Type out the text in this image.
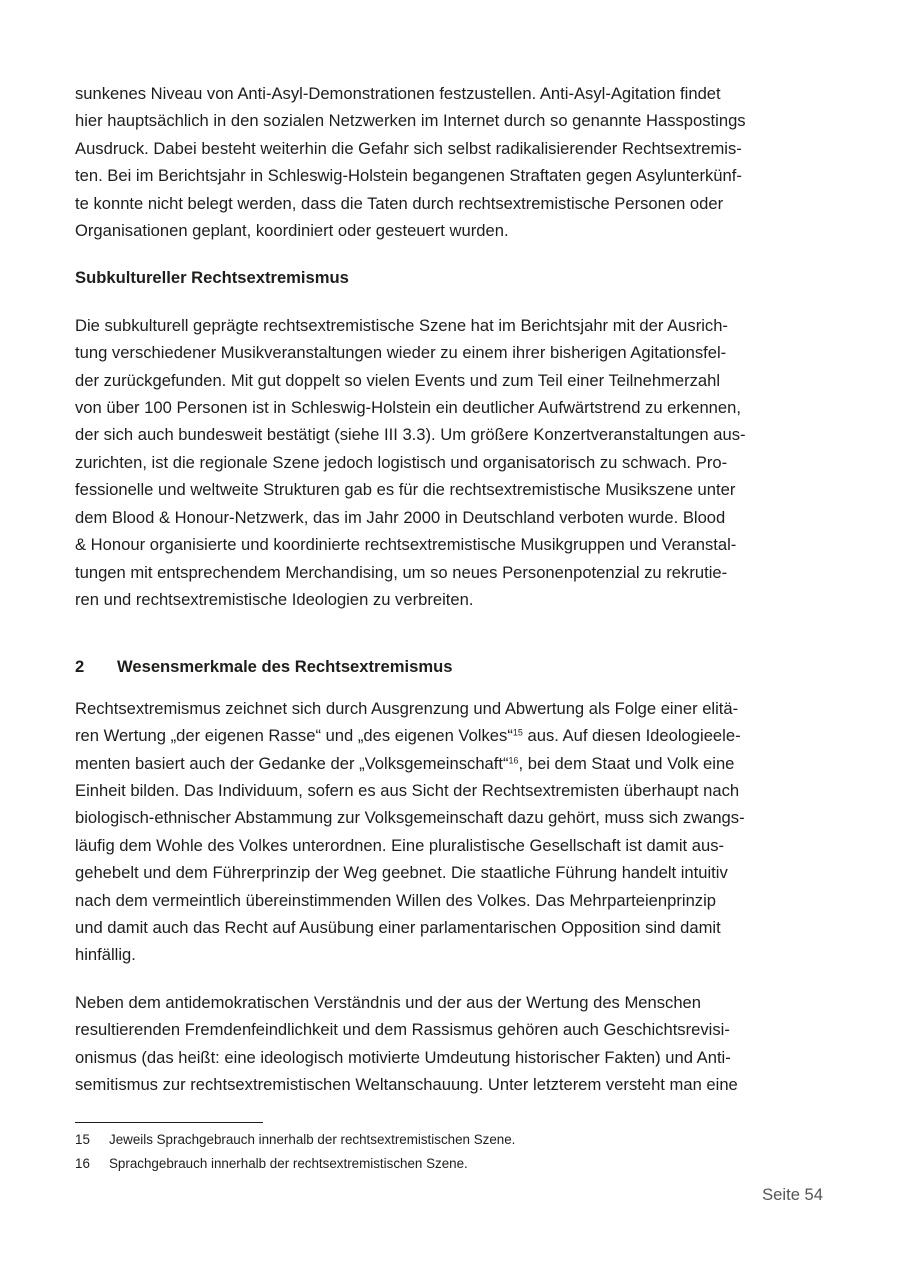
sunkenes Niveau von Anti-Asyl-Demonstrationen festzustellen. Anti-Asyl-Agitation findet
hier hauptsächlich in den sozialen Netzwerken im Internet durch so genannte Hasspostings
Ausdruck. Dabei besteht weiterhin die Gefahr sich selbst radikalisierender Rechtsextremis-
ten. Bei im Berichtsjahr in Schleswig-Holstein begangenen Straftaten gegen Asylunterkünf-
te konnte nicht belegt werden, dass die Taten durch rechtsextremistische Personen oder
Organisationen geplant, koordiniert oder gesteuert wurden.
Subkultureller Rechtsextremismus
Die subkulturell geprägte rechtsextremistische Szene hat im Berichtsjahr mit der Ausrich-
tung verschiedener Musikveranstaltungen wieder zu einem ihrer bisherigen Agitationsfel-
der zurückgefunden. Mit gut doppelt so vielen Events und zum Teil einer Teilnehmerzahl
von über 100 Personen ist in Schleswig-Holstein ein deutlicher Aufwärtstrend zu erkennen,
der sich auch bundesweit bestätigt (siehe III 3.3). Um größere Konzertveranstaltungen aus-
zurichten, ist die regionale Szene jedoch logistisch und organisatorisch zu schwach. Pro-
fessionelle und weltweite Strukturen gab es für die rechtsextremistische Musikszene unter
dem Blood & Honour-Netzwerk, das im Jahr 2000 in Deutschland verboten wurde. Blood
& Honour organisierte und koordinierte rechtsextremistische Musikgruppen und Veranstal-
tungen mit entsprechendem Merchandising, um so neues Personenpotenzial zu rekrutie-
ren und rechtsextremistische Ideologien zu verbreiten.
2 Wesensmerkmale des Rechtsextremismus
Rechtsextremismus zeichnet sich durch Ausgrenzung und Abwertung als Folge einer elitä-
ren Wertung „der eigenen Rasse“ und „des eigenen Volkes“$^{15}$ aus. Auf diesen Ideologieele-
menten basiert auch der Gedanke der „Volksgemeinschaft“$^{16}$, bei dem Staat und Volk eine
Einheit bilden. Das Individuum, sofern es aus Sicht der Rechtsextremisten überhaupt nach
biologisch-ethnischer Abstammung zur Volksgemeinschaft dazu gehört, muss sich zwangs-
läufig dem Wohle des Volkes unterordnen. Eine pluralistische Gesellschaft ist damit aus-
gehebelt und dem Führerprinzip der Weg geebnet. Die staatliche Führung handelt intuitiv
nach dem vermeintlich übereinstimmenden Willen des Volkes. Das Mehrparteienprinzip
und damit auch das Recht auf Ausübung einer parlamentarischen Opposition sind damit
hinfällig.
Neben dem antidemokratischen Verständnis und der aus der Wertung des Menschen
resultierenden Fremdenfeindlichkeit und dem Rassismus gehören auch Geschichtsrevisi-
onismus (das heißt: eine ideologisch motivierte Umdeutung historischer Fakten) und Anti-
semitismus zur rechtsextremistischen Weltanschauung. Unter letzterem versteht man eine
15 Jeweils Sprachgebrauch innerhalb der rechtsextremistischen Szene.
16 Sprachgebrauch innerhalb der rechtsextremistischen Szene.
Seite 54
